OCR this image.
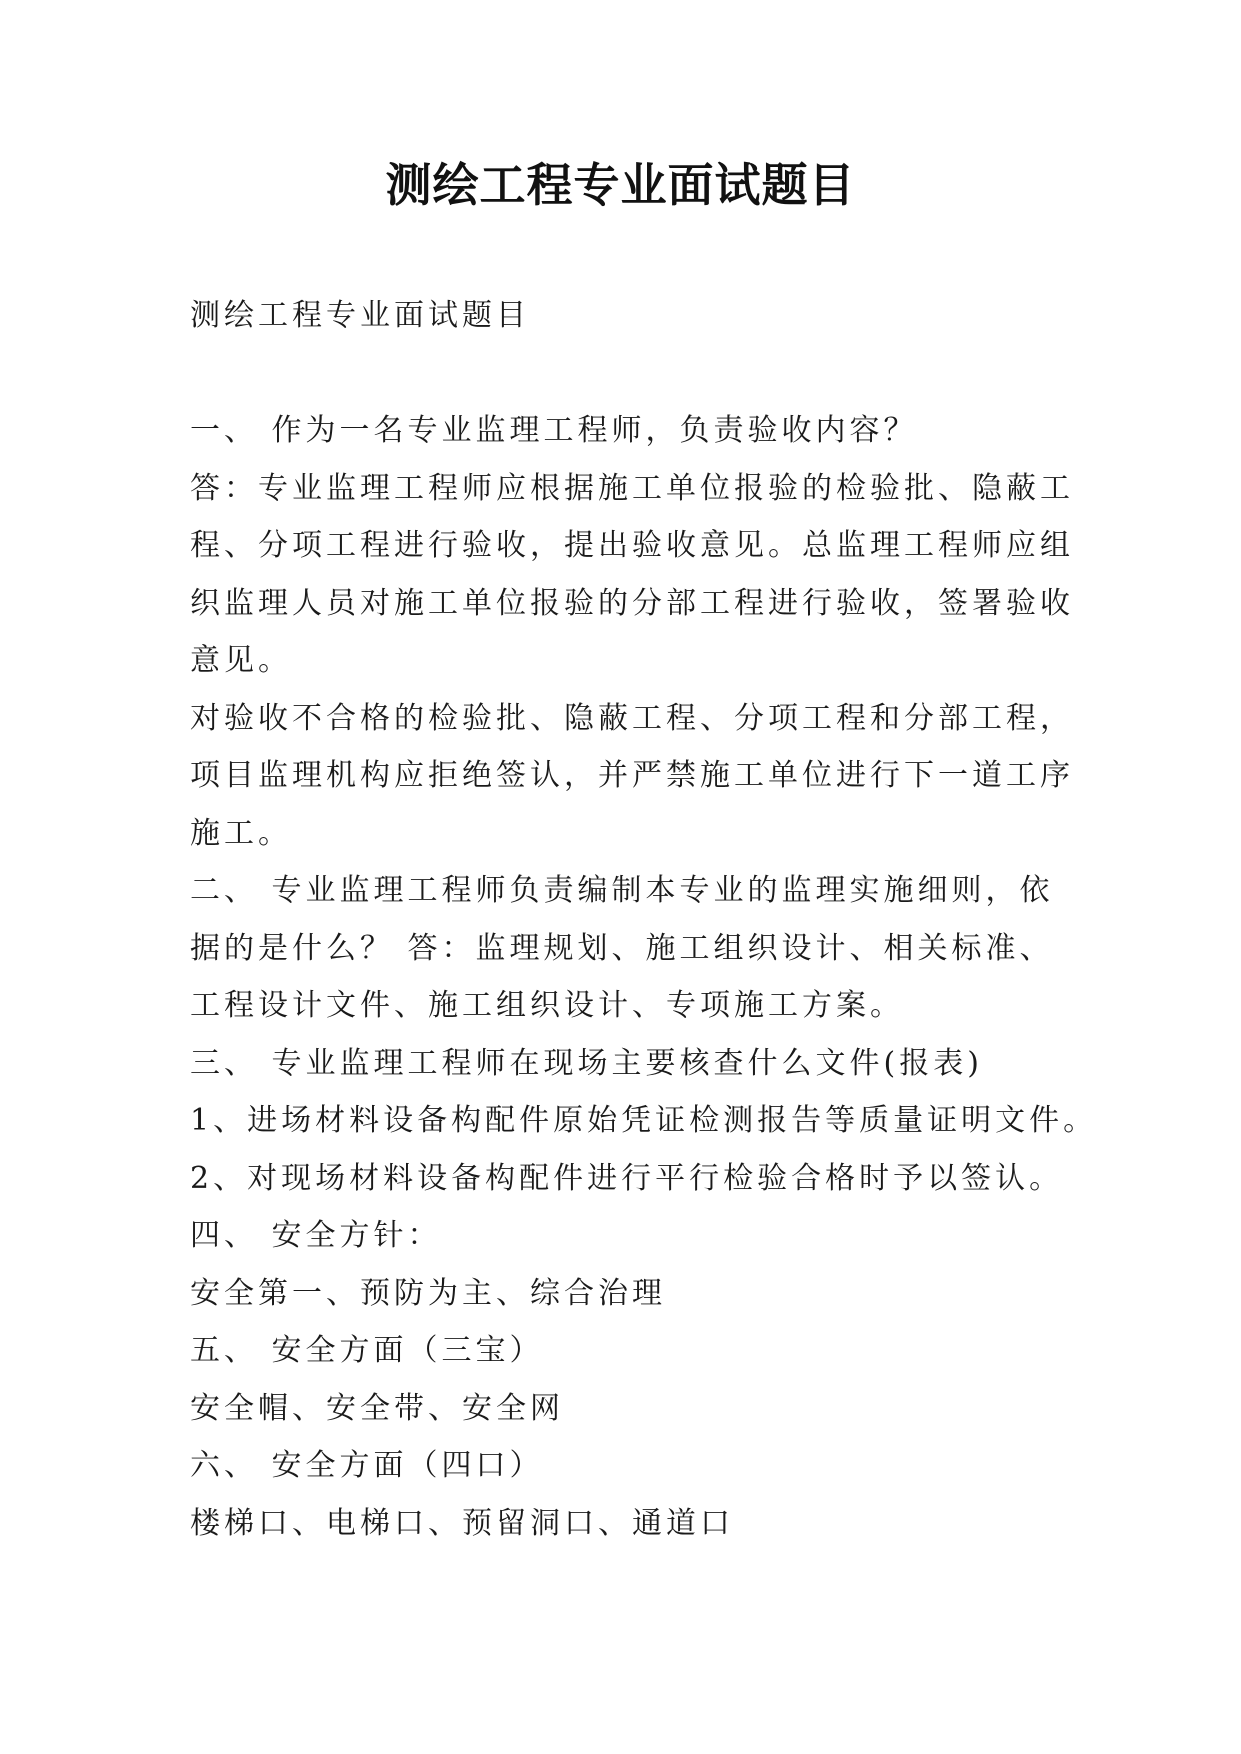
测绘工程专业面试题目
测绘工程专业面试题目
一、 作为一名专业监理工程师，负责验收内容？
答：专业监理工程师应根据施工单位报验的检验批、隐蔽工
程、分项工程进行验收，提出验收意见。总监理工程师应组
织监理人员对施工单位报验的分部工程进行验收，签署验收
意见。
对验收不合格的检验批、隐蔽工程、分项工程和分部工程，
项目监理机构应拒绝签认，并严禁施工单位进行下一道工序
施工。
二、 专业监理工程师负责编制本专业的监理实施细则，依
据的是什么？ 答：监理规划、施工组织设计、相关标准、
工程设计文件、施工组织设计、专项施工方案。
三、 专业监理工程师在现场主要核查什么文件(报表)
1、进场材料设备构配件原始凭证检测报告等质量证明文件。
2、对现场材料设备构配件进行平行检验合格时予以签认。
四、 安全方针：
安全第一、预防为主、综合治理
五、 安全方面（三宝）
安全帽、安全带、安全网
六、 安全方面（四口）
楼梯口、电梯口、预留洞口、通道口
